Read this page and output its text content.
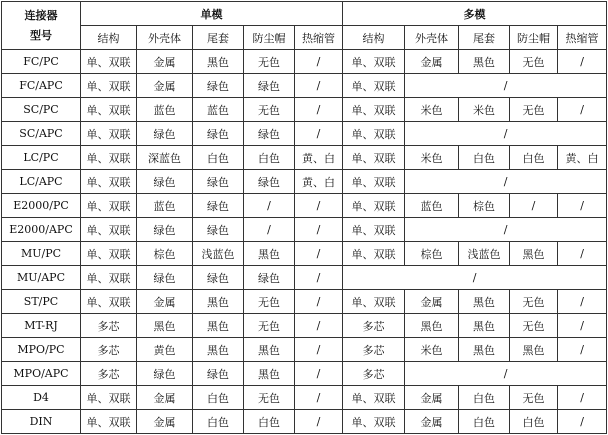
连接器
型号	单模					多模				
	结构	外壳体	尾套	防尘帽	热缩管	结构	外壳体	尾套	防尘帽	热缩管
FC/PC	单、双联	金属	黑色	无色	/	单、双联	金属	黑色	无色	/
FC/APC	单、双联	金属	绿色	绿色	/	单、双联	/			
SC/PC	单、双联	蓝色	蓝色	无色	/	单、双联	米色	米色	无色	/
SC/APC	单、双联	绿色	绿色	绿色	/	单、双联	/			
LC/PC	单、双联	深蓝色	白色	白色	黄、白	单、双联	米色	白色	白色	黄、白
LC/APC	单、双联	绿色	绿色	绿色	黄、白	单、双联	/			
E2000/PC	单、双联	蓝色	绿色	/	/	单、双联	蓝色	棕色	/	/
E2000/APC	单、双联	绿色	绿色	/	/	单、双联	/			
MU/PC	单、双联	棕色	浅蓝色	黑色	/	单、双联	棕色	浅蓝色	黑色	/
MU/APC	单、双联	绿色	绿色	绿色	/	/				
ST/PC	单、双联	金属	黑色	无色	/	单、双联	金属	黑色	无色	/
MT-RJ	多芯	黑色	黑色	无色	/	多芯	黑色	黑色	无色	/
MPO/PC	多芯	黄色	黑色	黑色	/	多芯	米色	黑色	黑色	/
MPO/APC	多芯	绿色	绿色	黑色	/	多芯	/			
D4	单、双联	金属	白色	无色	/	单、双联	金属	白色	无色	/
DIN	单、双联	金属	白色	白色	/	单、双联	金属	白色	白色	/
